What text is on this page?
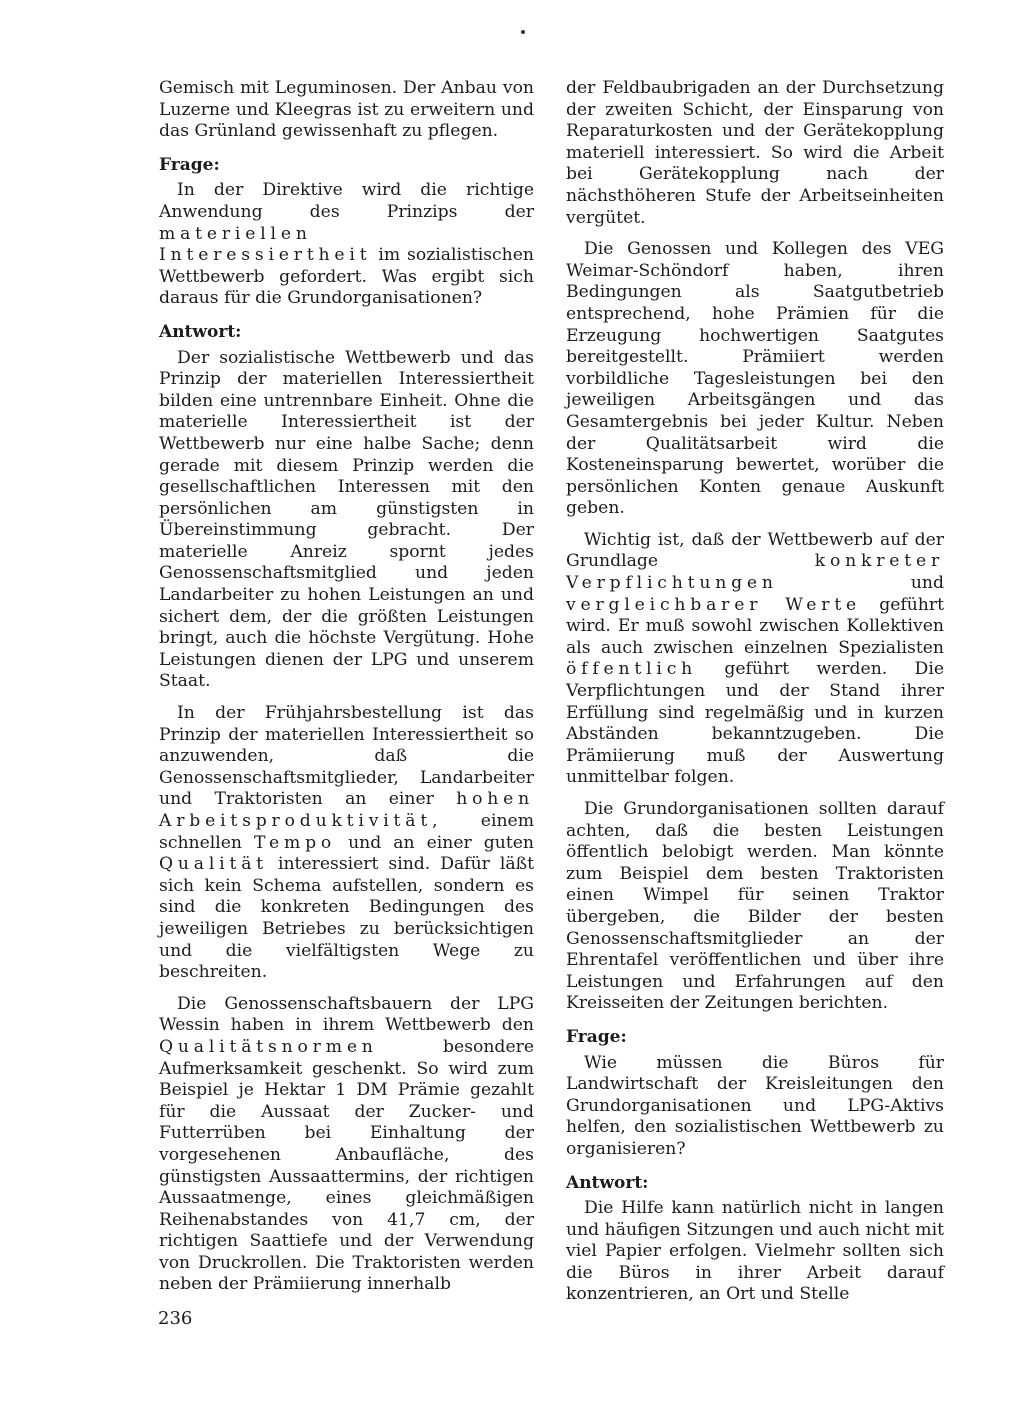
Gemisch mit Leguminosen. Der Anbau von Luzerne und Kleegras ist zu erweitern und das Grünland gewissenhaft zu pflegen.

Frage:

In der Direktive wird die richtige Anwendung des Prinzips der materiellen Interessiertheit im sozialistischen Wettbewerb gefordert. Was ergibt sich daraus für die Grundorganisationen?

Antwort:

Der sozialistische Wettbewerb und das Prinzip der materiellen Interessiertheit bilden eine untrennbare Einheit. Ohne die materielle Interessiertheit ist der Wettbewerb nur eine halbe Sache; denn gerade mit diesem Prinzip werden die gesellschaftlichen Interessen mit den persönlichen am günstigsten in Übereinstimmung gebracht. Der materielle Anreiz spornt jedes Genossenschaftsmitglied und jeden Landarbeiter zu hohen Leistungen an und sichert dem, der die größten Leistungen bringt, auch die höchste Vergütung. Hohe Leistungen dienen der LPG und unserem Staat.

In der Frühjahrsbestellung ist das Prinzip der materiellen Interessiertheit so anzuwenden, daß die Genossenschaftsmitglieder, Landarbeiter und Traktoristen an einer hohen Arbeitsproduktivität, einem schnellen Tempo und an einer guten Qualität interessiert sind. Dafür läßt sich kein Schema aufstellen, sondern es sind die konkreten Bedingungen des jeweiligen Betriebes zu berücksichtigen und die vielfältigsten Wege zu beschreiten.

Die Genossenschaftsbauern der LPG Wessin haben in ihrem Wettbewerb den Qualitätsnormen besondere Aufmerksamkeit geschenkt. So wird zum Beispiel je Hektar 1 DM Prämie gezahlt für die Aussaat der Zucker- und Futterrüben bei Einhaltung der vorgesehenen Anbaufläche, des günstigsten Aussaattermins, der richtigen Aussaatmenge, eines gleichmäßigen Reihenabstandes von 41,7 cm, der richtigen Saattiefe und der Verwendung von Druckrollen. Die Traktoristen werden neben der Prämiierung innerhalb

der Feldbaubrigaden an der Durchsetzung der zweiten Schicht, der Einsparung von Reparaturkosten und der Gerätekopplung materiell interessiert. So wird die Arbeit bei Gerätekopplung nach der nächsthöheren Stufe der Arbeitseinheiten vergütet.

Die Genossen und Kollegen des VEG Weimar-Schöndorf haben, ihren Bedingungen als Saatgutbetrieb entsprechend, hohe Prämien für die Erzeugung hochwertigen Saatgutes bereitgestellt. Prämiiert werden vorbildliche Tagesleistungen bei den jeweiligen Arbeitsgängen und das Gesamtergebnis bei jeder Kultur. Neben der Qualitätsarbeit wird die Kosteneinsparung bewertet, worüber die persönlichen Konten genaue Auskunft geben.

Wichtig ist, daß der Wettbewerb auf der Grundlage konkreter Verpflichtungen und vergleichbarer Werte geführt wird. Er muß sowohl zwischen Kollektiven als auch zwischen einzelnen Spezialisten öffentlich geführt werden. Die Verpflichtungen und der Stand ihrer Erfüllung sind regelmäßig und in kurzen Abständen bekanntzugeben. Die Prämiierung muß der Auswertung unmittelbar folgen.

Die Grundorganisationen sollten darauf achten, daß die besten Leistungen öffentlich belobigt werden. Man könnte zum Beispiel dem besten Traktoristen einen Wimpel für seinen Traktor übergeben, die Bilder der besten Genossenschaftsmitglieder an der Ehrentafel veröffentlichen und über ihre Leistungen und Erfahrungen auf den Kreisseiten der Zeitungen berichten.

Frage:

Wie müssen die Büros für Landwirtschaft der Kreisleitungen den Grundorganisationen und LPG-Aktivs helfen, den sozialistischen Wettbewerb zu organisieren?

Antwort:

Die Hilfe kann natürlich nicht in langen und häufigen Sitzungen und auch nicht mit viel Papier erfolgen. Vielmehr sollten sich die Büros in ihrer Arbeit darauf konzentrieren, an Ort und Stelle

236
